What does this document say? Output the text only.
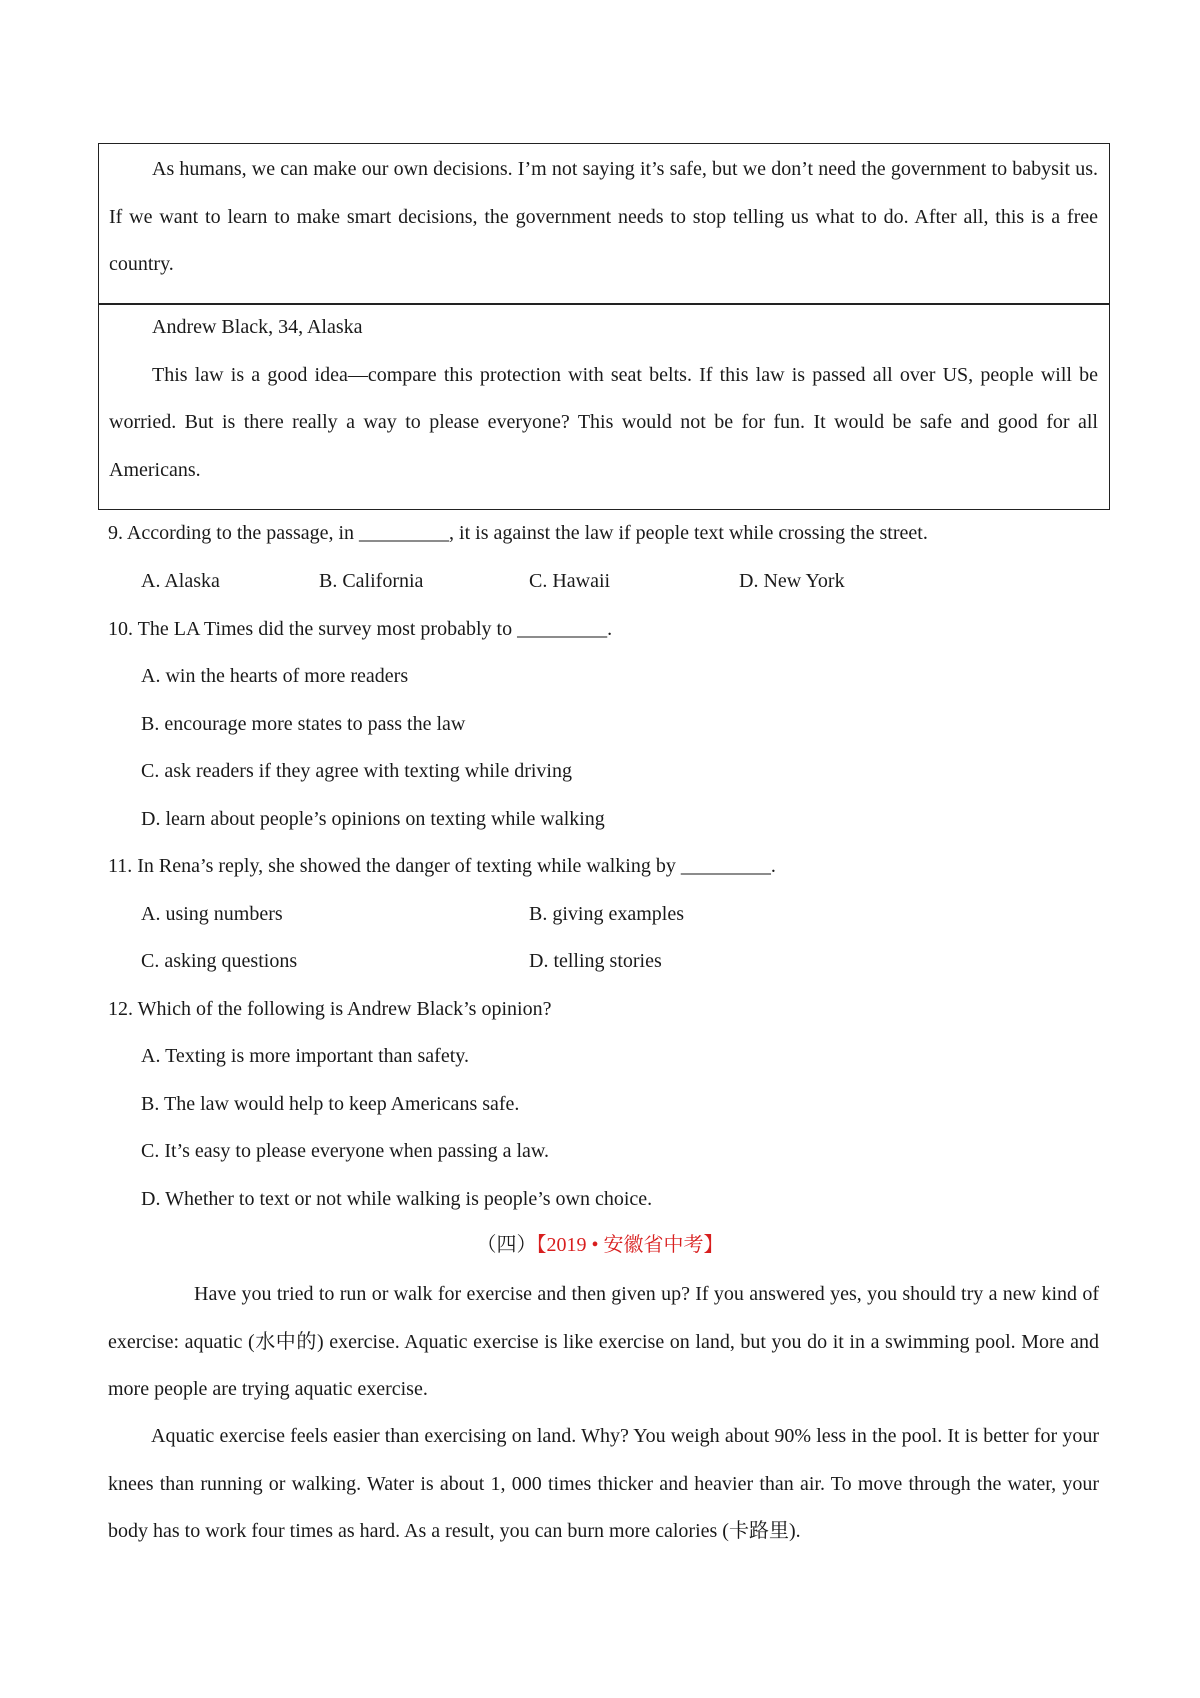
As humans, we can make our own decisions. I’m not saying it’s safe, but we don’t need the government to babysit us. If we want to learn to make smart decisions, the government needs to stop telling us what to do. After all, this is a free country.

Andrew Black, 34, Alaska

This law is a good idea—compare this protection with seat belts. If this law is passed all over US, people will be worried. But is there really a way to please everyone? This would not be for fun. It would be safe and good for all Americans.

9. According to the passage, in _________, it is against the law if people text while crossing the street.

A. Alaska	B. California	C. Hawaii	D. New York

10. The LA Times did the survey most probably to _________.

A. win the hearts of more readers

B. encourage more states to pass the law

C. ask readers if they agree with texting while driving

D. learn about people’s opinions on texting while walking

11. In Rena’s reply, she showed the danger of texting while walking by _________.

A. using numbers	B. giving examples

C. asking questions	D. telling stories

12. Which of the following is Andrew Black’s opinion?

A. Texting is more important than safety.

B. The law would help to keep Americans safe.

C. It’s easy to please everyone when passing a law.

D. Whether to text or not while walking is people’s own choice.

（四）【2019 • 安徽省中考】

Have you tried to run or walk for exercise and then given up? If you answered yes, you should try a new kind of exercise: aquatic (水中的) exercise. Aquatic exercise is like exercise on land, but you do it in a swimming pool. More and more people are trying aquatic exercise.

Aquatic exercise feels easier than exercising on land. Why? You weigh about 90% less in the pool. It is better for your knees than running or walking. Water is about 1, 000 times thicker and heavier than air. To move through the water, your body has to work four times as hard. As a result, you can burn more calories (卡路里).
